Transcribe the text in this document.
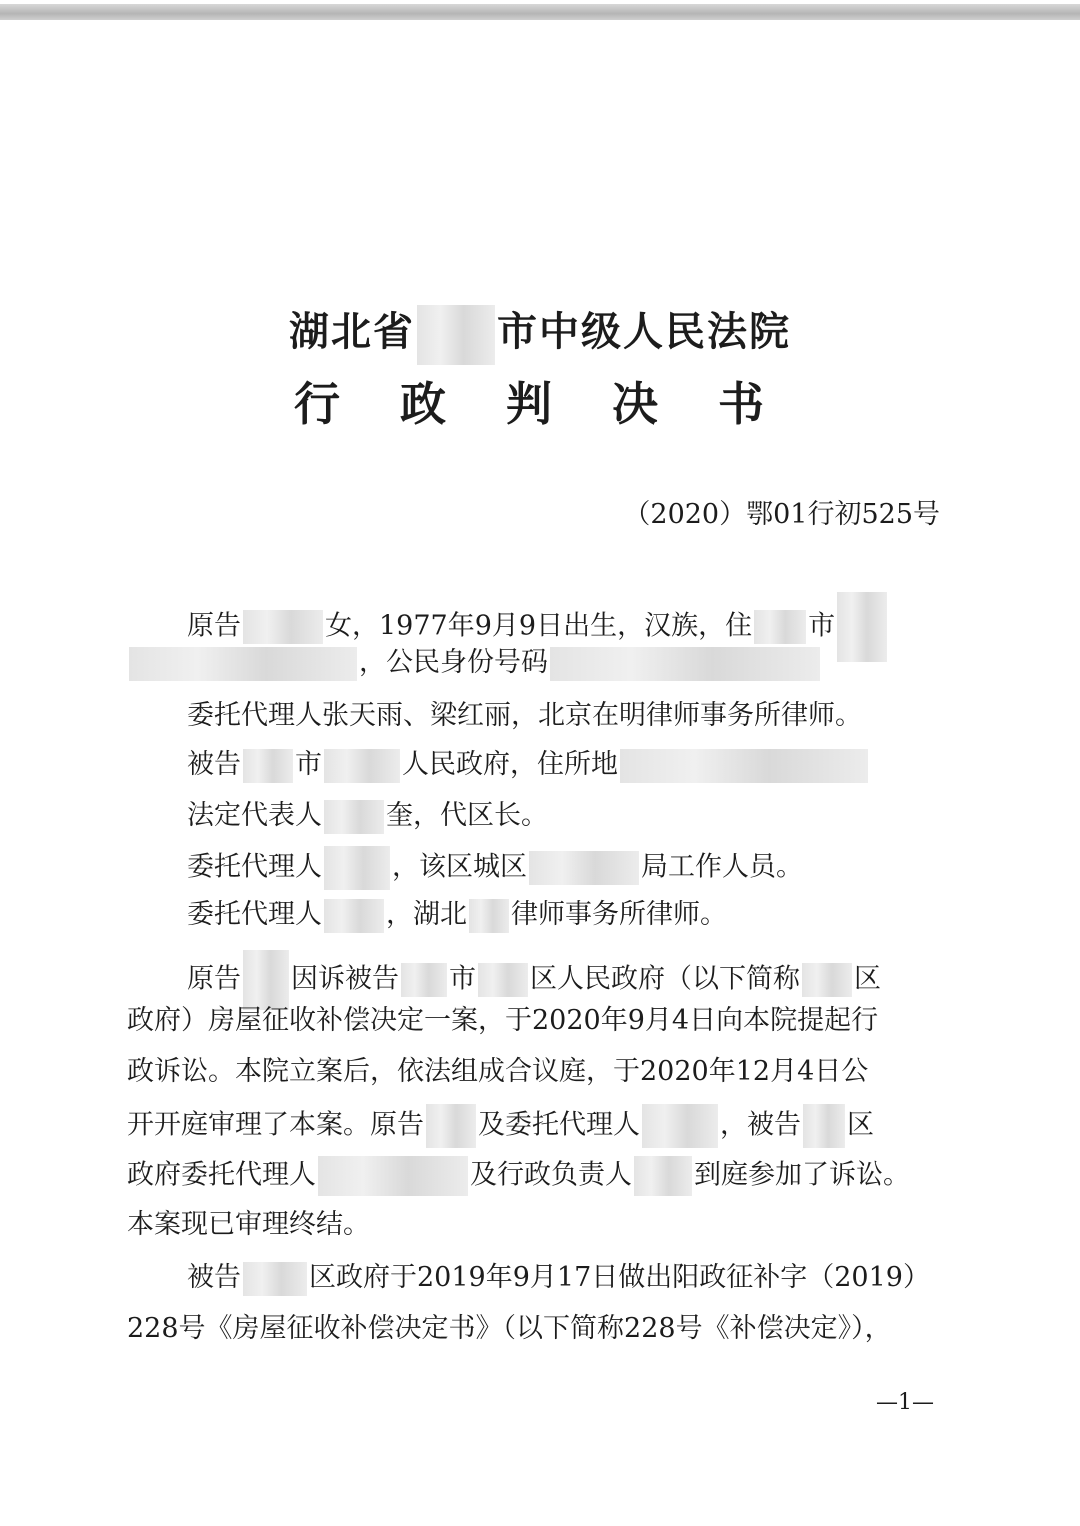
湖北省 市中级人民法院
行 政 判 决 书
（2020）鄂01行初525号
原告	女，1977年9月9日出生，汉族，住 市
，公民身份号码
委托代理人张天雨、梁红丽，北京在明律师事务所律师。
被告 市	人民政府，住所地
法定代表人 奎，代区长。
委托代理人	，该区城区	局工作人员。
委托代理人 ，湖北 律师事务所律师。
原告 因诉被告 市 区人民政府（以下简称 区
政府）房屋征收补偿决定一案，于2020年9月4日向本院提起行
政诉讼。本院立案后，依法组成合议庭，于2020年12月4日公
开开庭审理了本案。原告 及委托代理人	，被告 区
政府委托代理人	及行政负责人 到庭参加了诉讼。
本案现已审理终结。
被告	区政府于2019年9月17日做出阳政征补字（2019）
228号《房屋征收补偿决定书》（以下简称228号《补偿决定》），
—1—
